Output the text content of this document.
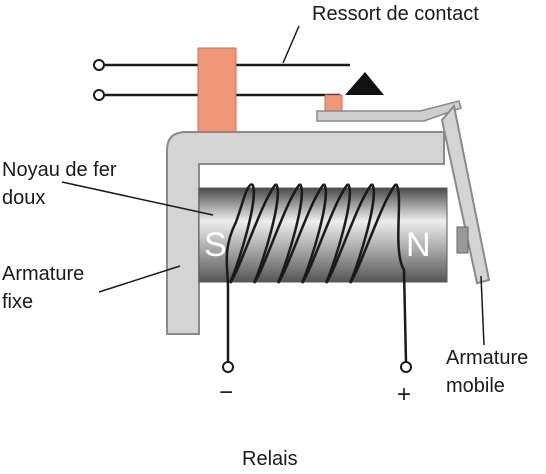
S	N
−	+
Ressort de contact
Noyau de fer
doux
Armature
fixe
Armature
mobile
Relais
